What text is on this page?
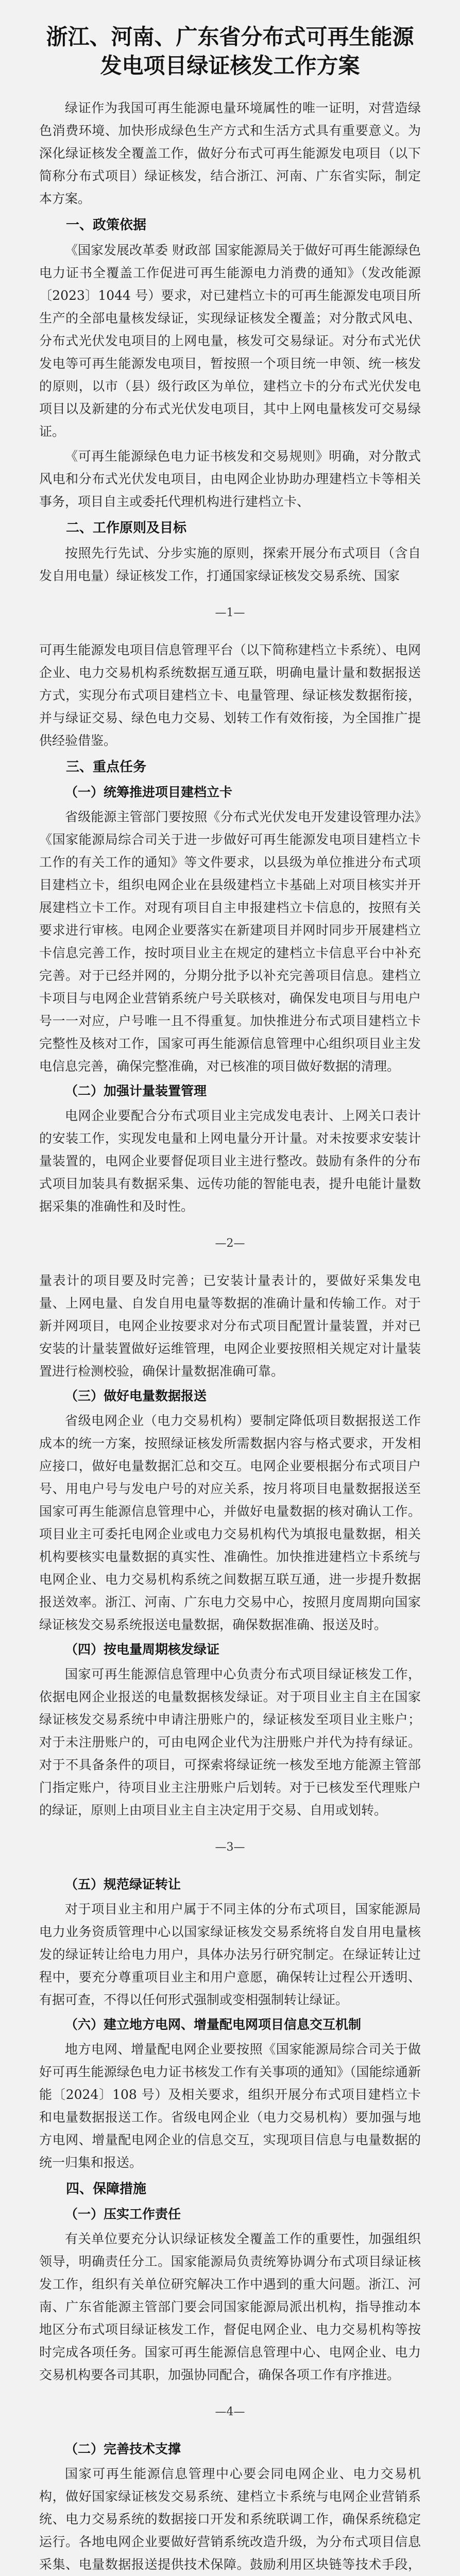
浙江、河南、广东省分布式可再生能源
发电项目绿证核发工作方案

绿证作为我国可再生能源电量环境属性的唯一证明，对营造绿色消费环境、加快形成绿色生产方式和生活方式具有重要意义。为深化绿证核发全覆盖工作，做好分布式可再生能源发电项目（以下简称分布式项目）绿证核发，结合浙江、河南、广东省实际，制定本方案。

一、政策依据

《国家发展改革委 财政部 国家能源局关于做好可再生能源绿色电力证书全覆盖工作促进可再生能源电力消费的通知》（发改能源〔2023〕1044 号）要求，对已建档立卡的可再生能源发电项目所生产的全部电量核发绿证，实现绿证核发全覆盖；对分散式风电、分布式光伏发电项目的上网电量，核发可交易绿证。对分布式光伏发电等可再生能源发电项目，暂按照一个项目统一申领、统一核发的原则，以市（县）级行政区为单位，建档立卡的分布式光伏发电项目以及新建的分布式光伏发电项目，其中上网电量核发可交易绿证。

《可再生能源绿色电力证书核发和交易规则》明确，对分散式风电和分布式光伏发电项目，由电网企业协助办理建档立卡等相关事务，项目自主或委托代理机构进行建档立卡、

二、工作原则及目标

按照先行先试、分步实施的原则，探索开展分布式项目（含自发自用电量）绿证核发工作，打通国家绿证核发交易系统、国家

—1—

可再生能源发电项目信息管理平台（以下简称建档立卡系统）、电网企业、电力交易机构系统数据互通互联，明确电量计量和数据报送方式，实现分布式项目建档立卡、电量管理、绿证核发数据衔接，并与绿证交易、绿色电力交易、划转工作有效衔接，为全国推广提供经验借鉴。

三、重点任务
（一）统筹推进项目建档立卡

省级能源主管部门要按照《分布式光伏发电开发建设管理办法》《国家能源局综合司关于进一步做好可再生能源发电项目建档立卡工作的有关工作的通知》等文件要求，以县级为单位推进分布式项目建档立卡，组织电网企业在县级建档立卡基础上对项目核实并开展建档立卡工作。对现有项目自主申报建档立卡信息的，按照有关要求进行审核。电网企业要落实在新建项目并网时同步开展建档立卡信息完善工作，按时项目业主在规定的建档立卡信息平台中补充完善。对于已经并网的，分期分批予以补充完善项目信息。建档立卡项目与电网企业营销系统户号关联核对，确保发电项目与用电户号一一对应，户号唯一且不得重复。加快推进分布式项目建档立卡完整性及核对工作，国家可再生能源信息管理中心组织项目业主发电信息完善，确保完整准确，对已核准的项目做好数据的清理。

（二）加强计量装置管理

电网企业要配合分布式项目业主完成发电表计、上网关口表计的安装工作，实现发电量和上网电量分开计量。对未按要求安装计量装置的，电网企业要督促项目业主进行整改。鼓励有条件的分布式项目加装具有数据采集、远传功能的智能电表，提升电能计量数据采集的准确性和及时性。

—2—

量表计的项目要及时完善；已安装计量表计的，要做好采集发电量、上网电量、自发自用电量等数据的准确计量和传输工作。对于新并网项目，电网企业按要求对分布式项目配置计量装置，并对已安装的计量装置做好运维管理，电网企业要按照相关规定对计量装置进行检测校验，确保计量数据准确可靠。

（三）做好电量数据报送

省级电网企业（电力交易机构）要制定降低项目数据报送工作成本的统一方案，按照绿证核发所需数据内容与格式要求，开发相应接口，做好电量数据汇总和交互。电网企业要根据分布式项目户号、用电户号与发电户号的对应关系，按月将项目电量数据报送至国家可再生能源信息管理中心，并做好电量数据的核对确认工作。项目业主可委托电网企业或电力交易机构代为填报电量数据，相关机构要核实电量数据的真实性、准确性。加快推进建档立卡系统与电网企业、电力交易机构系统之间数据互联互通，进一步提升数据报送效率。浙江、河南、广东电力交易中心，按照月度周期向国家绿证核发交易系统报送电量数据，确保数据准确、报送及时。

（四）按电量周期核发绿证

国家可再生能源信息管理中心负责分布式项目绿证核发工作，依据电网企业报送的电量数据核发绿证。对于项目业主自主在国家绿证核发交易系统中申请注册账户的，绿证核发至项目业主账户；对于未注册账户的，可由电网企业代为注册账户并代为持有绿证。对于不具备条件的项目，可探索将绿证统一核发至地方能源主管部门指定账户，待项目业主注册账户后划转。对于已核发至代理账户的绿证，原则上由项目业主自主决定用于交易、自用或划转。

—3—
（五）规范绿证转让

对于项目业主和用户属于不同主体的分布式项目，国家能源局电力业务资质管理中心以国家绿证核发交易系统将自发自用电量核发的绿证转让给电力用户，具体办法另行研究制定。在绿证转让过程中，要充分尊重项目业主和用户意愿，确保转让过程公开透明、有据可查，不得以任何形式强制或变相强制转让绿证。

（六）建立地方电网、增量配电网项目信息交互机制

地方电网、增量配电网企业要按照《国家能源局综合司关于做好可再生能源绿色电力证书核发工作有关事项的通知》（国能综通新能〔2024〕108 号）及相关要求，组织开展分布式项目建档立卡和电量数据报送工作。省级电网企业（电力交易机构）要加强与地方电网、增量配电网企业的信息交互，实现项目信息与电量数据的统一归集和报送。

四、保障措施
（一）压实工作责任

有关单位要充分认识绿证核发全覆盖工作的重要性，加强组织领导，明确责任分工。国家能源局负责统筹协调分布式项目绿证核发工作，组织有关单位研究解决工作中遇到的重大问题。浙江、河南、广东省能源主管部门要会同国家能源局派出机构，指导推动本地区分布式项目绿证核发工作，督促电网企业、电力交易机构等按时完成各项任务。国家可再生能源信息管理中心、电网企业、电力交易机构要各司其职，加强协同配合，确保各项工作有序推进。

—4—
（二）完善技术支撑

国家可再生能源信息管理中心要会同电网企业、电力交易机构，做好国家绿证核发交易系统、建档立卡系统与电网企业营销系统、电力交易系统的数据接口开发和系统联调工作，确保系统稳定运行。各地电网企业要做好营销系统改造升级，为分布式项目信息采集、电量数据报送提供技术保障。鼓励利用区块链等技术手段，
